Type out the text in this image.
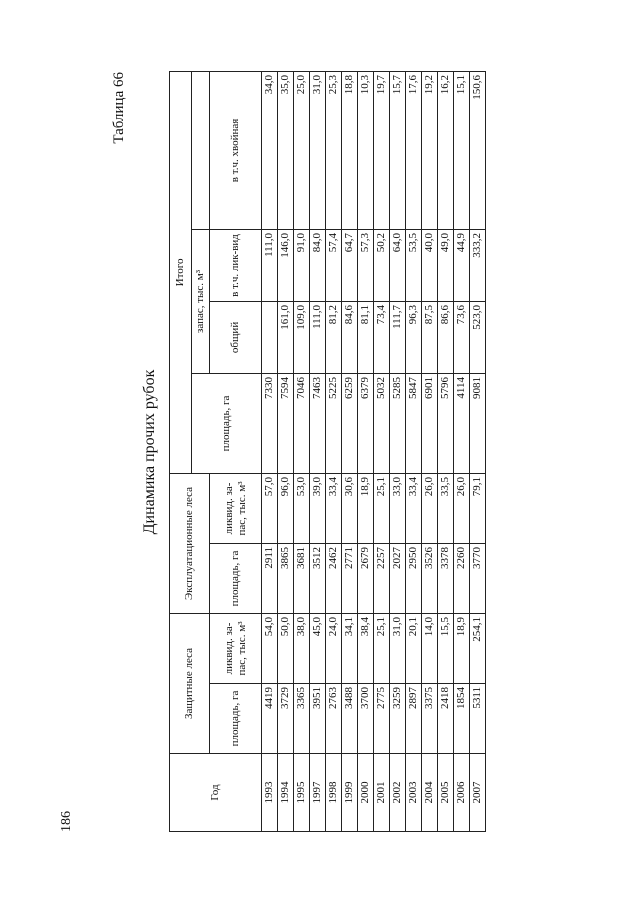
186
Таблица 66
Динамика прочих рубок
Год	Защитные леса		Эксплуатационные леса		Итого			
					площадь, га	запас, тыс. м³		
	площадь, га	ликвид. за-пас, тыс. м³	площадь, га	ликвид. за-пас, тыс. м³		общий	в т.ч. лик-вид	в т.ч. хвойная
1993	4419	54,0	2911	57,0	7330		111,0	34,0
1994	3729	50,0	3865	96,0	7594	161,0	146,0	35,0
1995	3365	38,0	3681	53,0	7046	109,0	91,0	25,0
1997	3951	45,0	3512	39,0	7463	111,0	84,0	31,0
1998	2763	24,0	2462	33,4	5225	81,2	57,4	25,3
1999	3488	34,1	2771	30,6	6259	84,6	64,7	18,8
2000	3700	38,4	2679	18,9	6379	81,1	57,3	10,3
2001	2775	25,1	2257	25,1	5032	73,4	50,2	19,7
2002	3259	31,0	2027	33,0	5285	111,7	64,0	15,7
2003	2897	20,1	2950	33,4	5847	96,3	53,5	17,6
2004	3375	14,0	3526	26,0	6901	87,5	40,0	19,2
2005	2418	15,5	3378	33,5	5796	86,6	49,0	16,2
2006	1854	18,9	2260	26,0	4114	73,6	44,9	15,1
2007	5311	254,1	3770	79,1	9081	523,0	333,2	150,6
